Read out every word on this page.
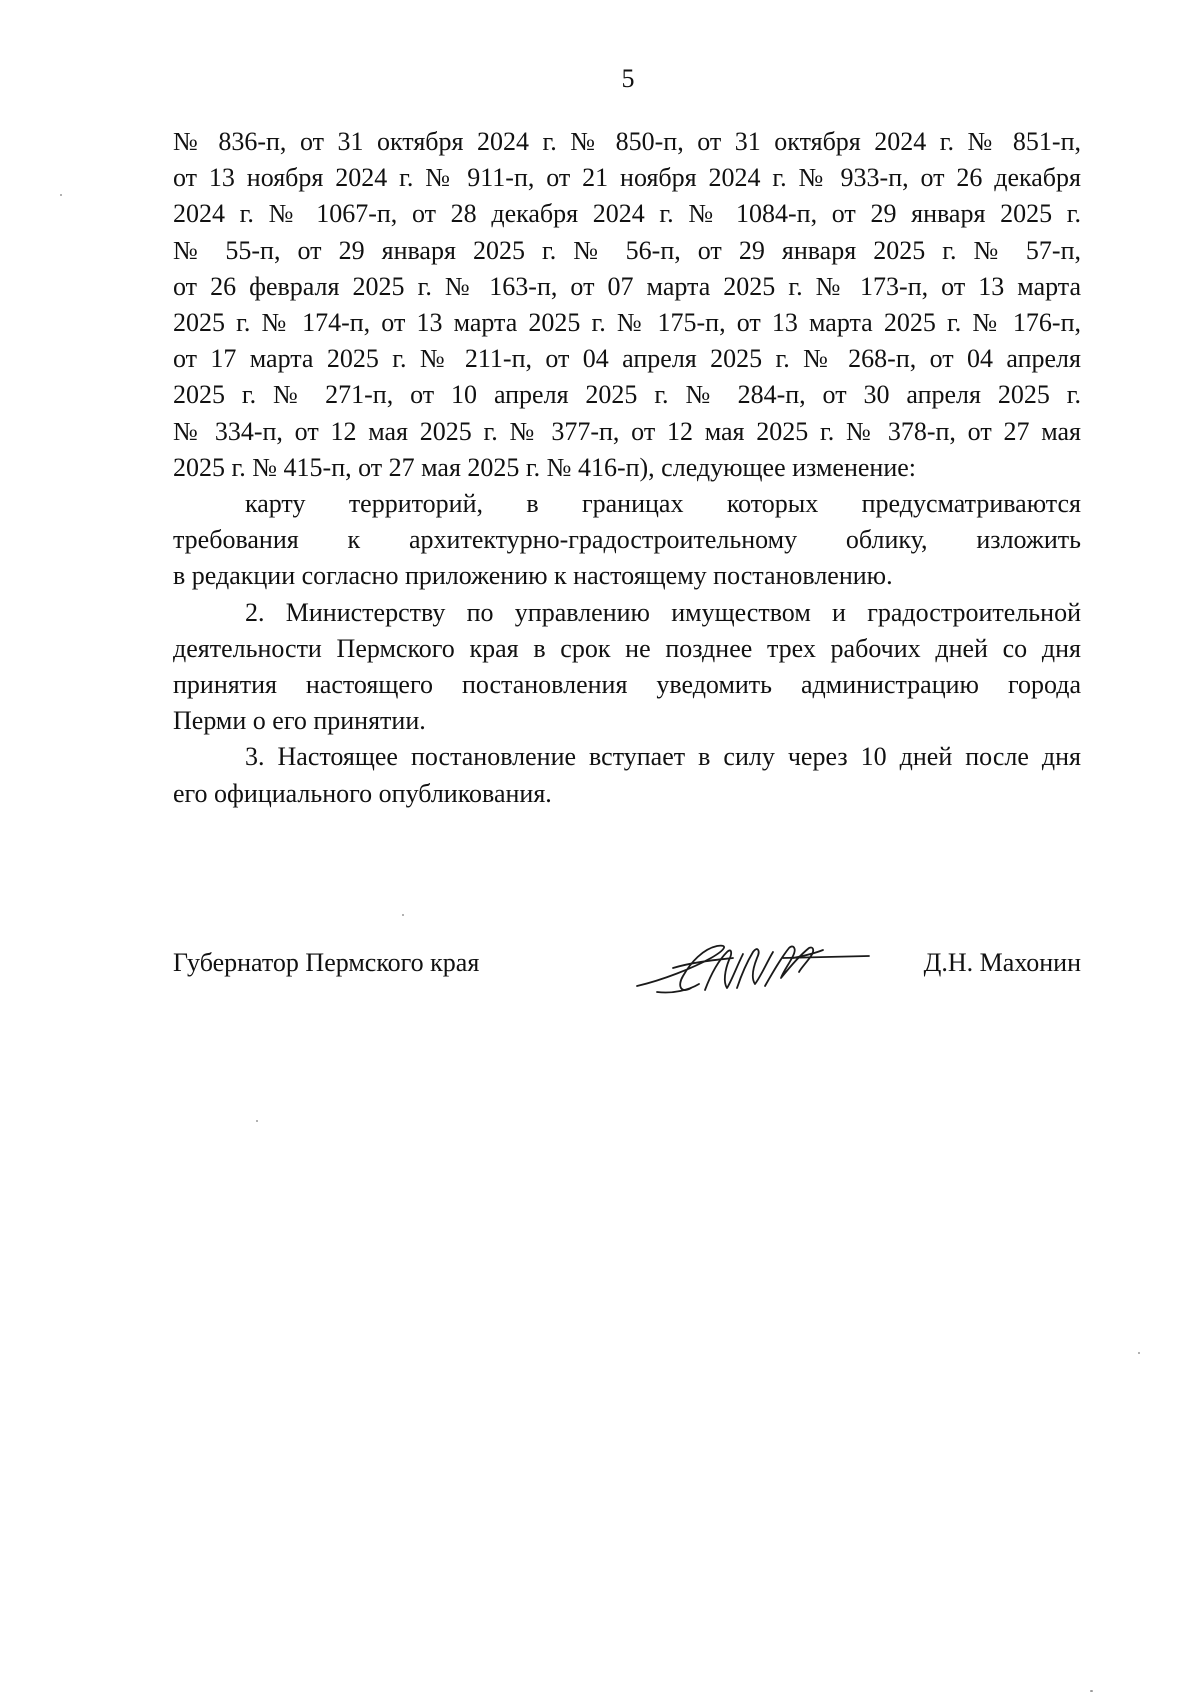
5
№ 836-п, от 31 октября 2024 г. № 850-п, от 31 октября 2024 г. № 851-п,
от 13 ноября 2024 г. № 911-п, от 21 ноября 2024 г. № 933-п, от 26 декабря
2024 г. № 1067-п, от 28 декабря 2024 г. № 1084-п, от 29 января 2025 г.
№ 55-п, от 29 января 2025 г. № 56-п, от 29 января 2025 г. № 57-п,
от 26 февраля 2025 г. № 163-п, от 07 марта 2025 г. № 173-п, от 13 марта
2025 г. № 174-п, от 13 марта 2025 г. № 175-п, от 13 марта 2025 г. № 176-п,
от 17 марта 2025 г. № 211-п, от 04 апреля 2025 г. № 268-п, от 04 апреля
2025 г. № 271-п, от 10 апреля 2025 г. № 284-п, от 30 апреля 2025 г.
№ 334-п, от 12 мая 2025 г. № 377-п, от 12 мая 2025 г. № 378-п, от 27 мая
2025 г. № 415-п, от 27 мая 2025 г. № 416-п), следующее изменение:
карту территорий, в границах которых предусматриваются
требования к архитектурно-градостроительному облику, изложить
в редакции согласно приложению к настоящему постановлению.
2. Министерству по управлению имуществом и градостроительной
деятельности Пермского края в срок не позднее трех рабочих дней со дня
принятия настоящего постановления уведомить администрацию города
Перми о его принятии.
3. Настоящее постановление вступает в силу через 10 дней после дня
его официального опубликования.
Губернатор Пермского края	Д.Н. Махонин
